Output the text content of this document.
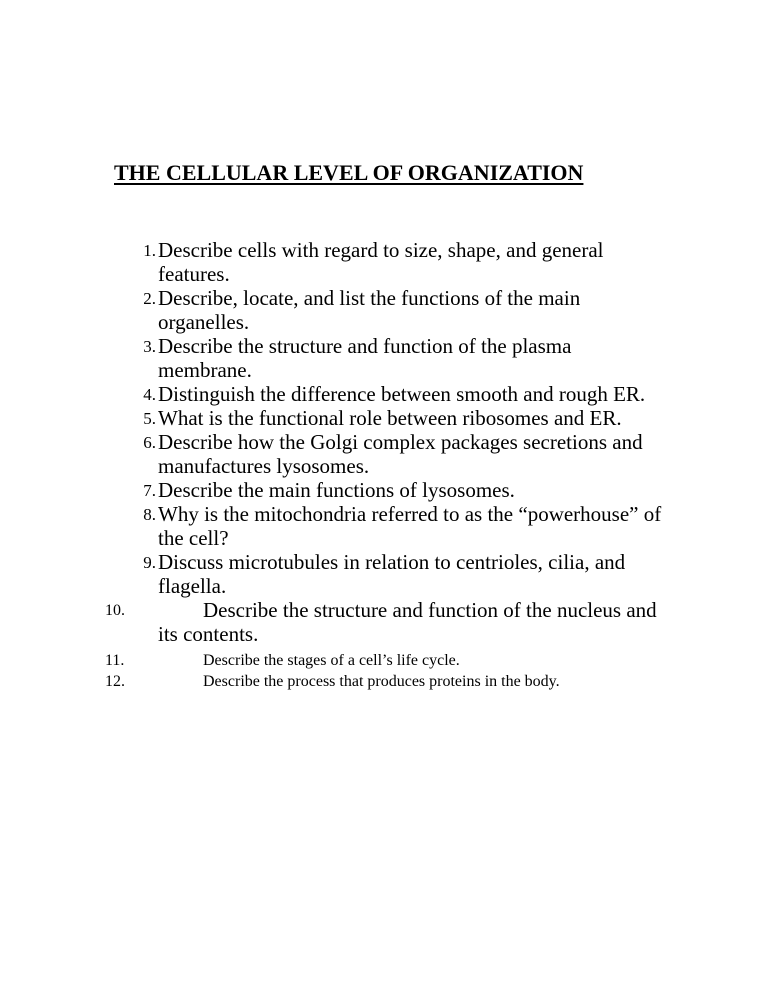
THE CELLULAR LEVEL OF ORGANIZATION
1. Describe cells with regard to size, shape, and general features.
2. Describe, locate, and list the functions of the main organelles.
3. Describe the structure and function of the plasma membrane.
4. Distinguish the difference between smooth and rough ER.
5. What is the functional role between ribosomes and ER.
6. Describe how the Golgi complex packages secretions and manufactures lysosomes.
7. Describe the main functions of lysosomes.
8. Why is the mitochondria referred to as the “powerhouse” of the cell?
9. Discuss microtubules in relation to centrioles, cilia, and flagella.
10.	Describe the structure and function of the nucleus and its contents.
11.	Describe the stages of a cell’s life cycle.
12.	Describe the process that produces proteins in the body.
